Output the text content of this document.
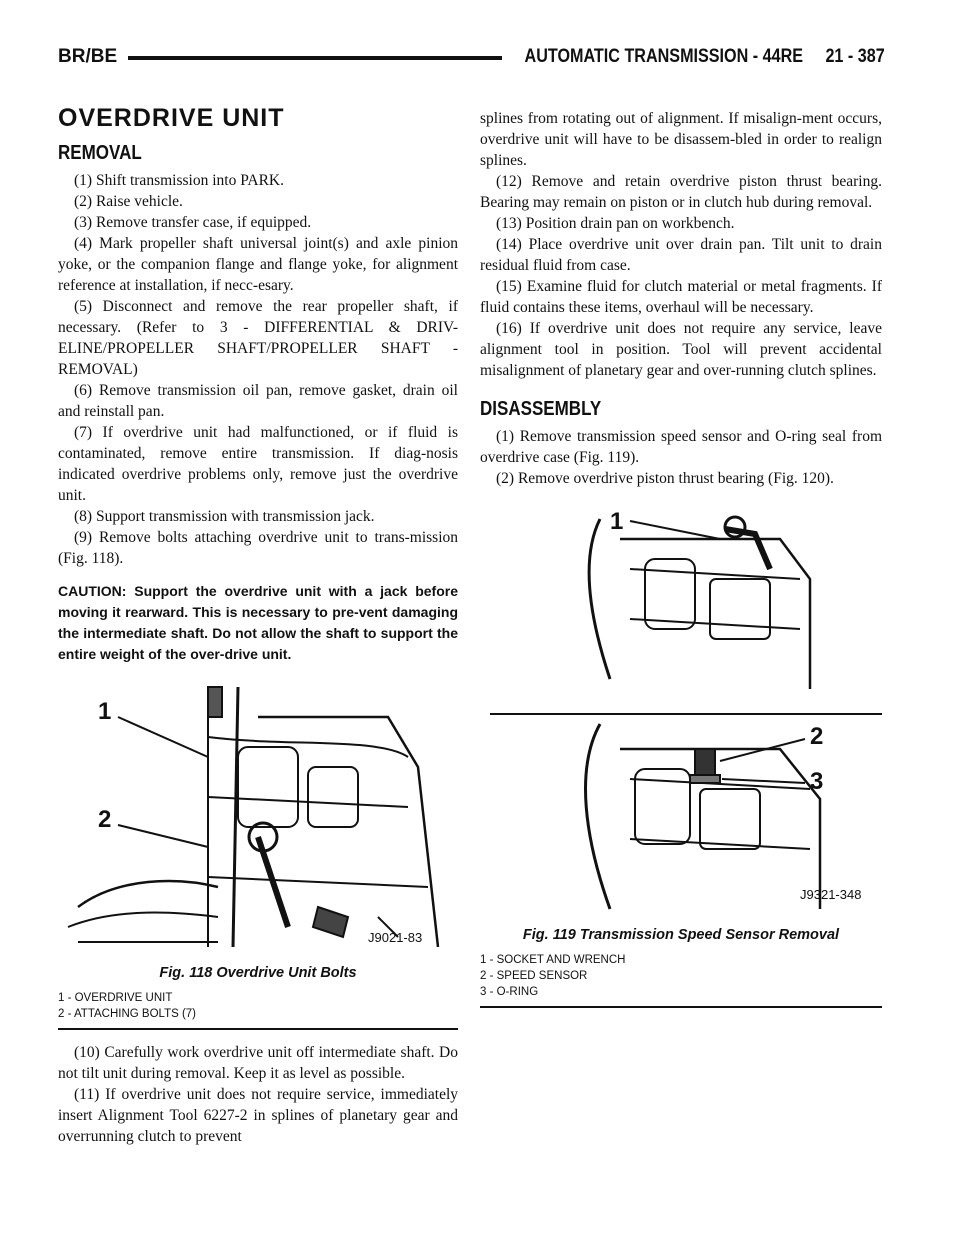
BR/BE	AUTOMATIC TRANSMISSION - 44RE     21 - 387
OVERDRIVE UNIT
REMOVAL

(1) Shift transmission into PARK.

(2) Raise vehicle.

(3) Remove transfer case, if equipped.

(4) Mark propeller shaft universal joint(s) and axle pinion yoke, or the companion flange and flange yoke, for alignment reference at installation, if necc-esary.

(5) Disconnect and remove the rear propeller shaft, if necessary. (Refer to 3 - DIFFERENTIAL & DRIV-ELINE/PROPELLER SHAFT/PROPELLER SHAFT - REMOVAL)

(6) Remove transmission oil pan, remove gasket, drain oil and reinstall pan.

(7) If overdrive unit had malfunctioned, or if fluid is contaminated, remove entire transmission. If diag-nosis indicated overdrive problems only, remove just the overdrive unit.

(8) Support transmission with transmission jack.

(9) Remove bolts attaching overdrive unit to trans-mission (Fig. 118).

CAUTION: Support the overdrive unit with a jack before moving it rearward. This is necessary to pre-vent damaging the intermediate shaft. Do not allow the shaft to support the entire weight of the over-drive unit.

1
2
J9021-83
Fig. 118 Overdrive Unit Bolts
1 - OVERDRIVE UNIT
2 - ATTACHING BOLTS (7)

(10) Carefully work overdrive unit off intermediate shaft. Do not tilt unit during removal. Keep it as level as possible.

(11) If overdrive unit does not require service, immediately insert Alignment Tool 6227-2 in splines of planetary gear and overrunning clutch to prevent

splines from rotating out of alignment. If misalign-ment occurs, overdrive unit will have to be disassem-bled in order to realign splines.

(12) Remove and retain overdrive piston thrust bearing. Bearing may remain on piston or in clutch hub during removal.

(13) Position drain pan on workbench.

(14) Place overdrive unit over drain pan. Tilt unit to drain residual fluid from case.

(15) Examine fluid for clutch material or metal fragments. If fluid contains these items, overhaul will be necessary.

(16) If overdrive unit does not require any service, leave alignment tool in position. Tool will prevent accidental misalignment of planetary gear and over-running clutch splines.

DISASSEMBLY

(1) Remove transmission speed sensor and O-ring seal from overdrive case (Fig. 119).

(2) Remove overdrive piston thrust bearing (Fig. 120).

1
2
3
J9321-348
Fig. 119 Transmission Speed Sensor Removal
1 - SOCKET AND WRENCH
2 - SPEED SENSOR
3 - O-RING
